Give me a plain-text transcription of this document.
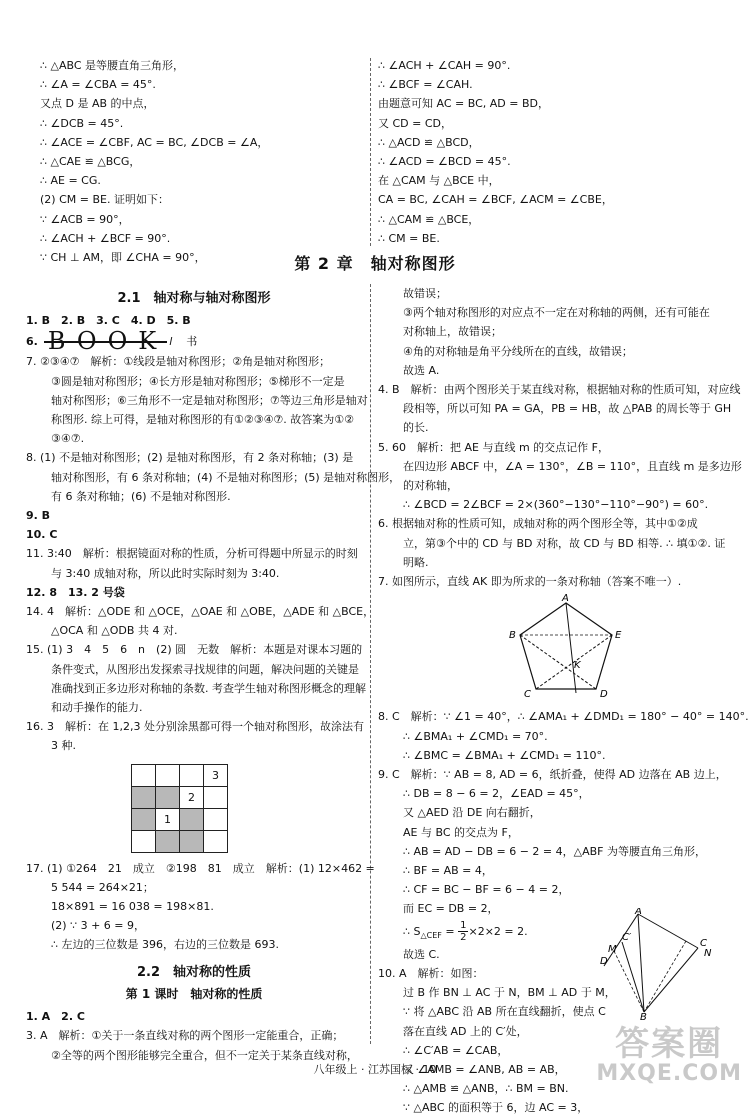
∴ △ABC 是等腰直角三角形，
∴ ∠A = ∠CBA = 45°.
又点 D 是 AB 的中点，
∴ ∠DCB = 45°.
∴ ∠ACE = ∠CBF, AC = BC, ∠DCB = ∠A，
∴ △CAE ≌ △BCG，
∴ AE = CG.
(2) CM = BE. 证明如下：
∵ ∠ACB = 90°，
∴ ∠ACH + ∠BCF = 90°.
∵ CH ⊥ AM，即 ∠CHA = 90°，
∴ ∠ACH + ∠CAH = 90°.
∴ ∠BCF = ∠CAH.
由题意可知 AC = BC, AD = BD，
又 CD = CD，
∴ △ACD ≌ △BCD，
∴ ∠ACD = ∠BCD = 45°.
在 △CAM 与 △BCE 中，
CA = BC, ∠CAH = ∠BCF, ∠ACM = ∠CBE，
∴ △CAM ≌ △BCE，
∴ CM = BE.
第 2 章　轴对称图形
2.1　轴对称与轴对称图形
1. B　2. B　3. C　4. D　5. B
6. BOOK l 书
7. ②③④⑦　解析：①线段是轴对称图形；②角是轴对称图形；
③圆是轴对称图形；④长方形是轴对称图形；⑤梯形不一定是
轴对称图形；⑥三角形不一定是轴对称图形；⑦等边三角形是轴对
称图形. 综上可得，是轴对称图形的有①②③④⑦. 故答案为①②
③④⑦.
8. (1) 不是轴对称图形；(2) 是轴对称图形，有 2 条对称轴；(3) 是
轴对称图形，有 6 条对称轴；(4) 不是轴对称图形；(5) 是轴对称图形，
有 6 条对称轴；(6) 不是轴对称图形.
9. B
10. C
11. 3:40　解析：根据镜面对称的性质，分析可得题中所显示的时刻
与 3:40 成轴对称，所以此时实际时刻为 3:40.
12. 8　13. 2 号袋
14. 4　解析：△ODE 和 △OCE，△OAE 和 △OBE，△ADE 和 △BCE，
△OCA 和 △ODB 共 4 对.
15. (1) 3　4　5　6　n　(2) 圆　无数　解析：本题是对课本习题的
条件变式，从图形出发探索寻找规律的问题，解决问题的关键是
准确找到正多边形对称轴的条数. 考查学生轴对称图形概念的理解
和动手操作的能力.
16. 3　解析：在 1,2,3 处分别涂黑都可得一个轴对称图形，故涂法有
3 种.
			3
		2	
	1		

17. (1) ①264　21　成立　②198　81　成立　解析：(1) 12×462 =
5 544 = 264×21；
18×891 = 16 038 = 198×81.
(2) ∵ 3 + 6 = 9，
∴ 左边的三位数是 396，右边的三位数是 693.
2.2　轴对称的性质
第 1 课时　轴对称的性质
1. A　2. C
3. A　解析：①关于一条直线对称的两个图形一定能重合，正确；
②全等的两个图形能够完全重合，但不一定关于某条直线对称，
故错误；
③两个轴对称图形的对应点不一定在对称轴的两侧，还有可能在
对称轴上，故错误；
④角的对称轴是角平分线所在的直线，故错误；
故选 A.
4. B　解析：由两个图形关于某直线对称，根据轴对称的性质可知，对应线
段相等，所以可知 PA = GA，PB = HB，故 △PAB 的周长等于 GH
的长.
5. 60　解析：把 AE 与直线 m 的交点记作 F，
在四边形 ABCF 中，∠A = 130°，∠B = 110°，且直线 m 是多边形
的对称轴，
∴ ∠BCD = 2∠BCF = 2×(360°−130°−110°−90°) = 60°.
6. 根据轴对称的性质可知，成轴对称的两个图形全等，其中①②成
立，第③个中的 CD 与 BD 对称，故 CD 与 BD 相等. ∴ 填①②. 证
明略.
7. 如图所示，直线 AK 即为所求的一条对称轴（答案不唯一）.
A
B	E
C	D
K
8. C　解析：∵ ∠1 = 40°，∴ ∠AMA₁ + ∠DMD₁ = 180° − 40° = 140°.
∴ ∠BMA₁ + ∠CMD₁ = 70°.
∴ ∠BMC = ∠BMA₁ + ∠CMD₁ = 110°.
9. C　解析：∵ AB = 8, AD = 6，纸折叠，使得 AD 边落在 AB 边上，
∴ DB = 8 − 6 = 2，∠EAD = 45°，
又 △AED 沿 DE 向右翻折，
AE 与 BC 的交点为 F，
∴ AB = AD − DB = 6 − 2 = 4，△ABF 为等腰直角三角形，
∴ BF = AB = 4，
∴ CF = BC − BF = 6 − 4 = 2，
而 EC = DB = 2，
∴ $S_{\triangle CEF} = \frac{1}{2} \times 2\times 2 = 2$.
故选 C.
10. A　解析：如图：
过 B 作 BN ⊥ AC 于 N，BM ⊥ AD 于 M，
∵ 将 △ABC 沿 AB 所在直线翻折，使点 C
落在直线 AD 上的 C′处，
∴ ∠C′AB = ∠CAB，
又 ∠AMB = ∠ANB, AB = AB，
∴ △AMB ≌ △ANB，∴ BM = BN.
∵ △ABC 的面积等于 6，边 AC = 3，
A
B
C
C′
D
M	N
八年级上 · 江苏国标 · 10
答案圈
MXQE.COM
